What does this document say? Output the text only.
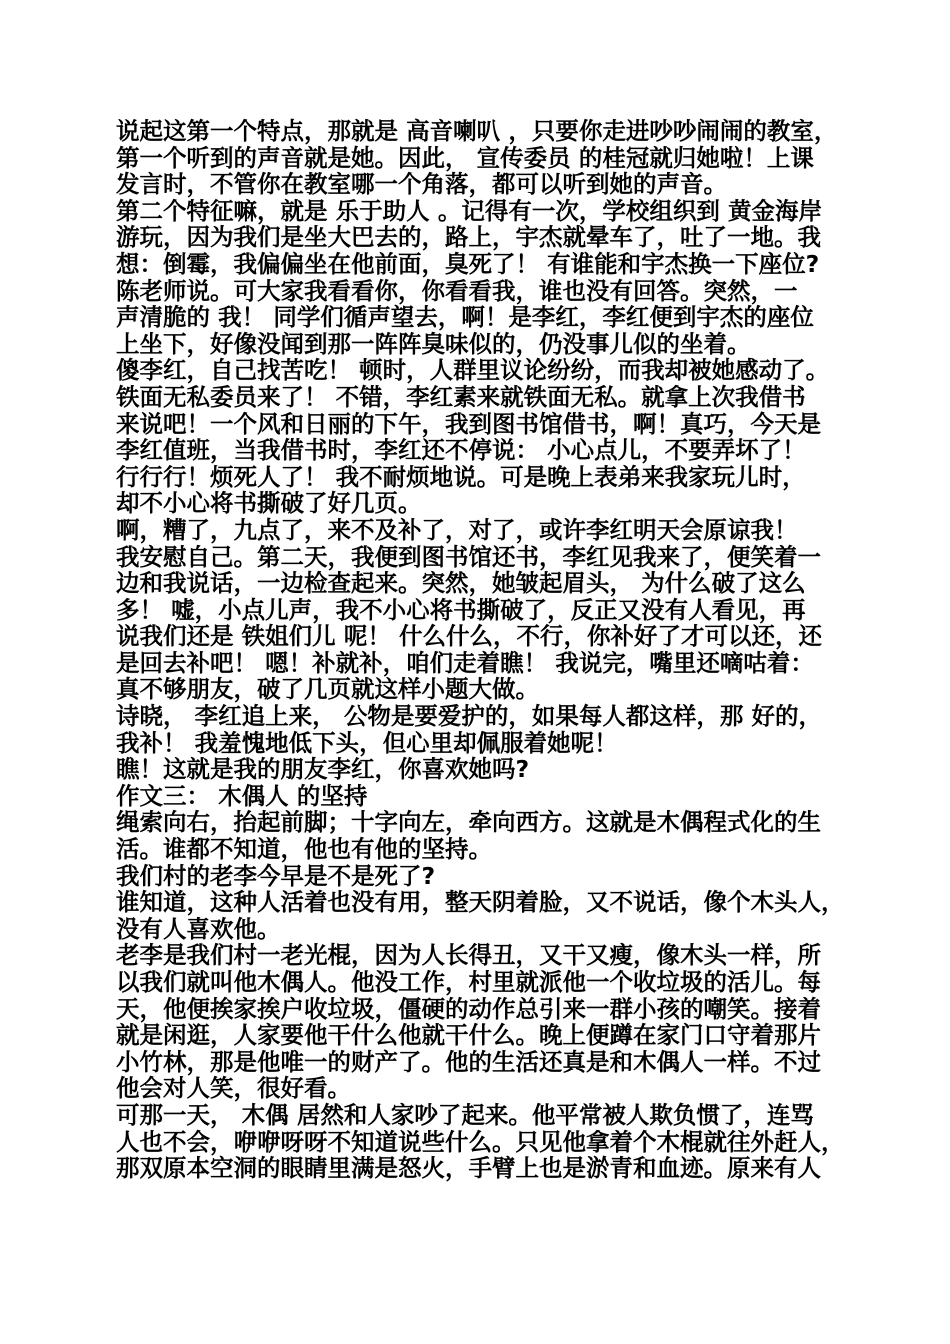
说起这第一个特点，那就是 高音喇叭 ，只要你走进吵吵闹闹的教室，
第一个听到的声音就是她。因此， 宣传委员 的桂冠就归她啦！上课
发言时，不管你在教室哪一个角落，都可以听到她的声音。
第二个特征嘛，就是 乐于助人 。记得有一次，学校组织到 黄金海岸
游玩，因为我们是坐大巴去的，路上，宇杰就晕车了，吐了一地。我
想：倒霉，我偏偏坐在他前面，臭死了！ 有谁能和宇杰换一下座位?
陈老师说。可大家我看看你，你看看我，谁也没有回答。突然，一
声清脆的 我！ 同学们循声望去，啊！是李红，李红便到宇杰的座位
上坐下，好像没闻到那一阵阵臭味似的，仍没事儿似的坐着。
傻李红，自己找苦吃！ 顿时，人群里议论纷纷，而我却被她感动了。
铁面无私委员来了！ 不错，李红素来就铁面无私。就拿上次我借书
来说吧！一个风和日丽的下午，我到图书馆借书，啊！真巧，今天是
李红值班，当我借书时，李红还不停说： 小心点儿，不要弄坏了！
行行行！烦死人了！ 我不耐烦地说。可是晚上表弟来我家玩儿时，
却不小心将书撕破了好几页。
啊，糟了，九点了，来不及补了，对了，或许李红明天会原谅我！
我安慰自己。第二天，我便到图书馆还书，李红见我来了，便笑着一
边和我说话，一边检查起来。突然，她皱起眉头， 为什么破了这么
多！ 嘘，小点儿声，我不小心将书撕破了，反正又没有人看见，再
说我们还是 铁姐们儿 呢！ 什么什么，不行，你补好了才可以还，还
是回去补吧！ 嗯！补就补，咱们走着瞧！ 我说完，嘴里还嘀咕着：
真不够朋友，破了几页就这样小题大做。
诗晓， 李红追上来， 公物是要爱护的，如果每人都这样，那 好的，
我补！ 我羞愧地低下头，但心里却佩服着她呢！
瞧！这就是我的朋友李红，你喜欢她吗?
作文三： 木偶人 的坚持
绳索向右，抬起前脚；十字向左，牵向西方。这就是木偶程式化的生
活。谁都不知道，他也有他的坚持。
我们村的老李今早是不是死了?
谁知道，这种人活着也没有用，整天阴着脸，又不说话，像个木头人，
没有人喜欢他。
老李是我们村一老光棍，因为人长得丑，又干又瘦，像木头一样，所
以我们就叫他木偶人。他没工作，村里就派他一个收垃圾的活儿。每
天，他便挨家挨户收垃圾，僵硬的动作总引来一群小孩的嘲笑。接着
就是闲逛，人家要他干什么他就干什么。晚上便蹲在家门口守着那片
小竹林，那是他唯一的财产了。他的生活还真是和木偶人一样。不过
他会对人笑，很好看。
可那一天， 木偶 居然和人家吵了起来。他平常被人欺负惯了，连骂
人也不会，咿咿呀呀不知道说些什么。只见他拿着个木棍就往外赶人，
那双原本空洞的眼睛里满是怒火，手臂上也是淤青和血迹。原来有人
